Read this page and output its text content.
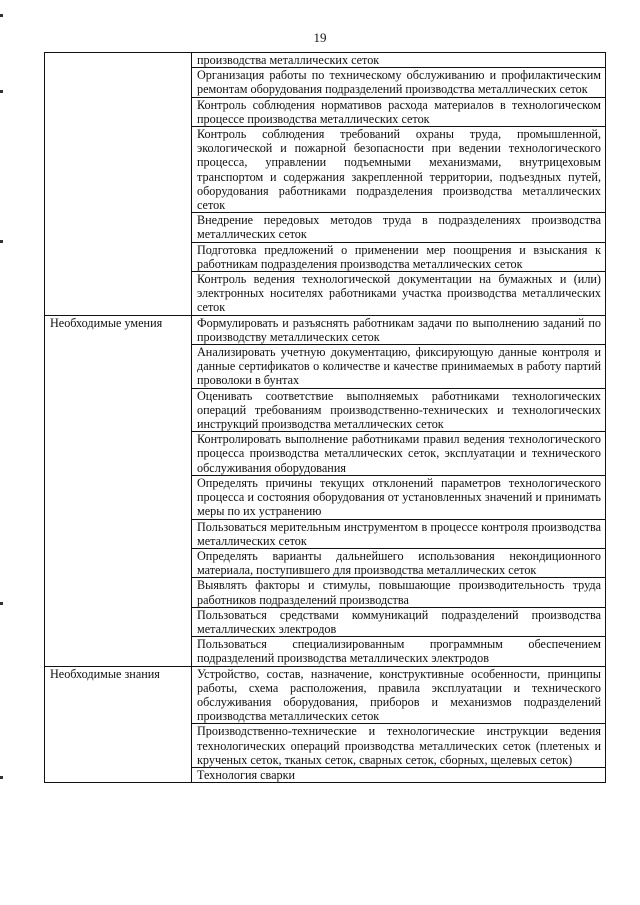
19
	производства металлических сеток
	Организация работы по техническому обслуживанию и профилактическим ремонтам оборудования подразделений производства металлических сеток
	Контроль соблюдения нормативов расхода материалов в технологическом процессе производства металлических сеток
	Контроль соблюдения требований охраны труда, промышленной, экологической и пожарной безопасности при ведении технологического процесса, управлении подъемными механизмами, внутрицеховым транспортом и содержания закрепленной территории, подъездных путей, оборудования работниками подразделения производства металлических сеток
	Внедрение передовых методов труда в подразделениях производства металлических сеток
	Подготовка предложений о применении мер поощрения и взыскания к работникам подразделения производства металлических сеток
	Контроль ведения технологической документации на бумажных и (или) электронных носителях работниками участка производства металлических сеток
Необходимые умения	Формулировать и разъяснять работникам задачи по выполнению заданий по производству металлических сеток
	Анализировать учетную документацию, фиксирующую данные контроля и данные сертификатов о количестве и качестве принимаемых в работу партий проволоки в бунтах
	Оценивать соответствие выполняемых работниками технологических операций требованиям производственно-технических и технологических инструкций производства металлических сеток
	Контролировать выполнение работниками правил ведения технологического процесса производства металлических сеток, эксплуатации и технического обслуживания оборудования
	Определять причины текущих отклонений параметров технологического процесса и состояния оборудования от установленных значений и принимать меры по их устранению
	Пользоваться мерительным инструментом в процессе контроля производства металлических сеток
	Определять варианты дальнейшего использования некондиционного материала, поступившего для производства металлических сеток
	Выявлять факторы и стимулы, повышающие производительность труда работников подразделений производства
	Пользоваться средствами коммуникаций подразделений производства металлических электродов
	Пользоваться специализированным программным обеспечением подразделений производства металлических электродов
Необходимые знания	Устройство, состав, назначение, конструктивные особенности, принципы работы, схема расположения, правила эксплуатации и технического обслуживания оборудования, приборов и механизмов подразделений производства металлических сеток
	Производственно-технические и технологические инструкции ведения технологических операций производства металлических сеток (плетеных и крученых сеток, тканых сеток, сварных сеток, сборных, щелевых сеток)
	Технология сварки
